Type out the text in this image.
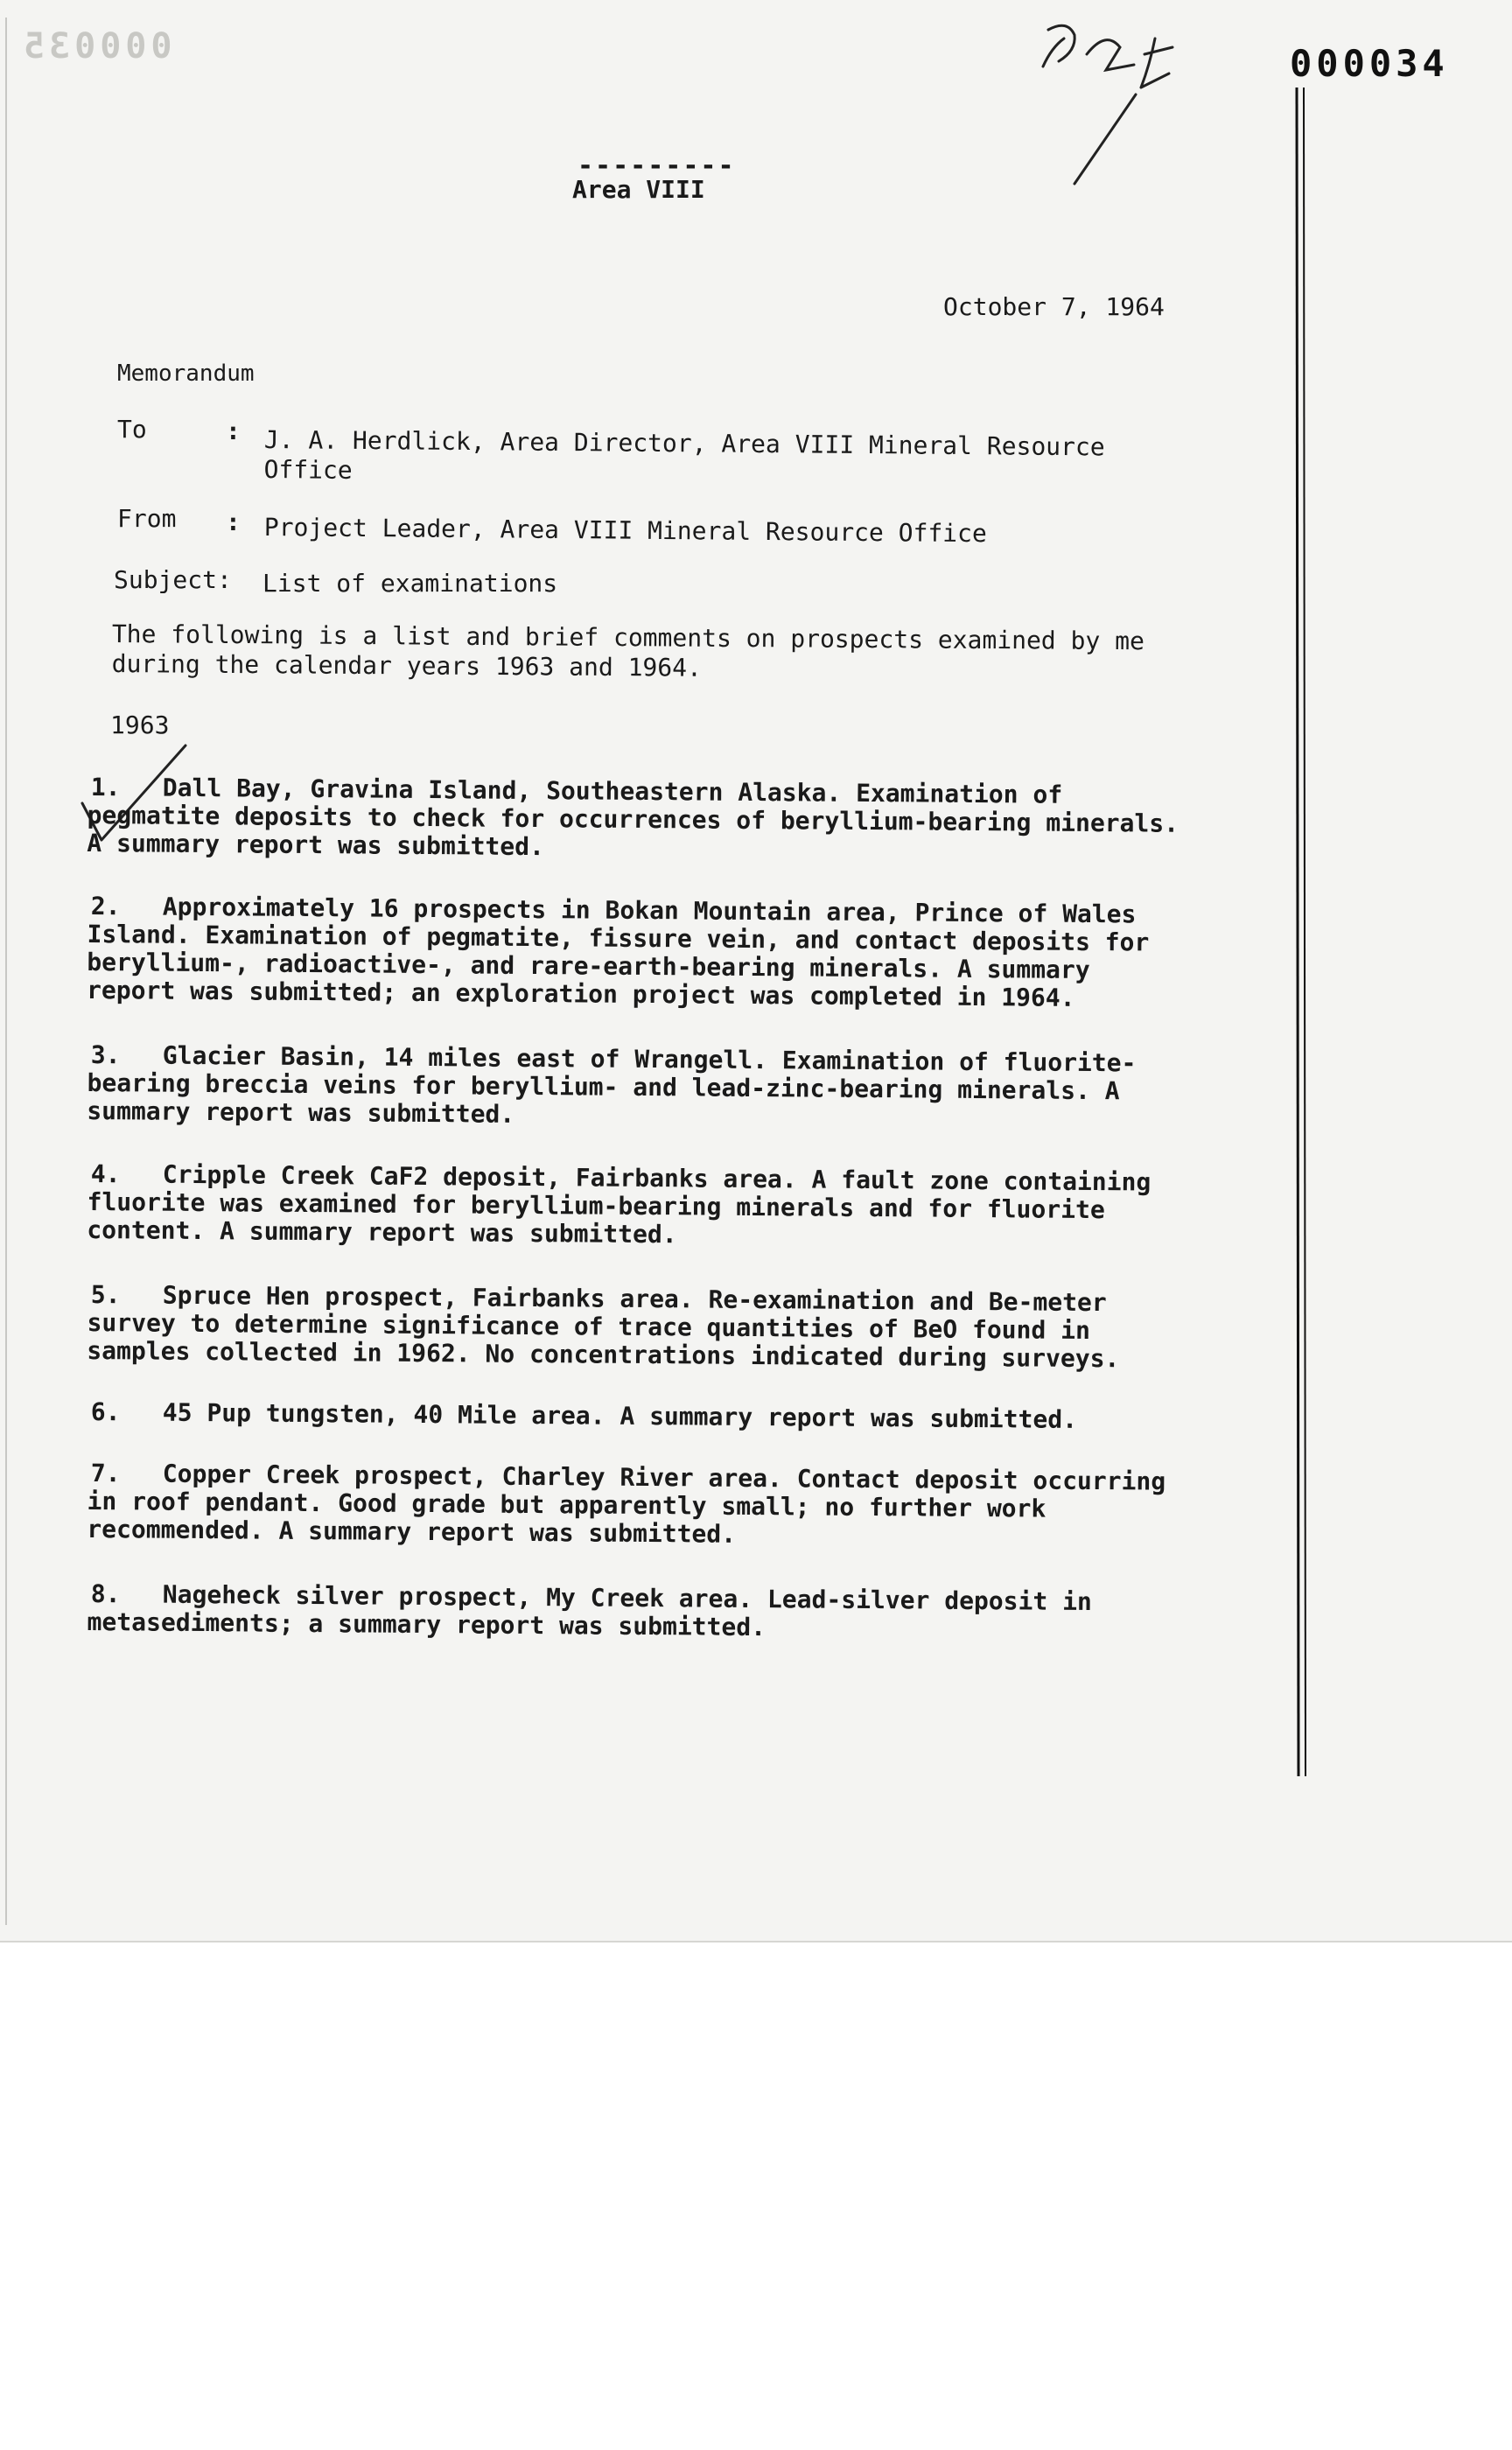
000035	000034
---------
Area VIII
October 7, 1964
Memorandum
To	: J. A. Herdlick, Area Director, Area VIII Mineral Resource Office
From : Project Leader, Area VIII Mineral Resource Office
Subject: List of examinations
The following is a list and brief comments on prospects examined by me during the calendar years 1963 and 1964.
1963
1. Dall Bay, Gravina Island, Southeastern Alaska. Examination of pegmatite deposits to check for occurrences of beryllium-bearing minerals. A summary report was submitted.
2. Approximately 16 prospects in Bokan Mountain area, Prince of Wales Island. Examination of pegmatite, fissure vein, and contact deposits for beryllium-, radioactive-, and rare-earth-bearing minerals. A summary report was submitted; an exploration project was completed in 1964.
3. Glacier Basin, 14 miles east of Wrangell. Examination of fluorite-bearing breccia veins for beryllium- and lead-zinc-bearing minerals. A summary report was submitted.
4. Cripple Creek CaF2 deposit, Fairbanks area. A fault zone containing fluorite was examined for beryllium-bearing minerals and for fluorite content. A summary report was submitted.
5. Spruce Hen prospect, Fairbanks area. Re-examination and Be-meter survey to determine significance of trace quantities of BeO found in samples collected in 1962. No concentrations indicated during surveys.
6. 45 Pup tungsten, 40 Mile area. A summary report was submitted.
7. Copper Creek prospect, Charley River area. Contact deposit occurring in roof pendant. Good grade but apparently small; no further work recommended. A summary report was submitted.
8. Nageheck silver prospect, My Creek area. Lead-silver deposit in metasediments; a summary report was submitted.
